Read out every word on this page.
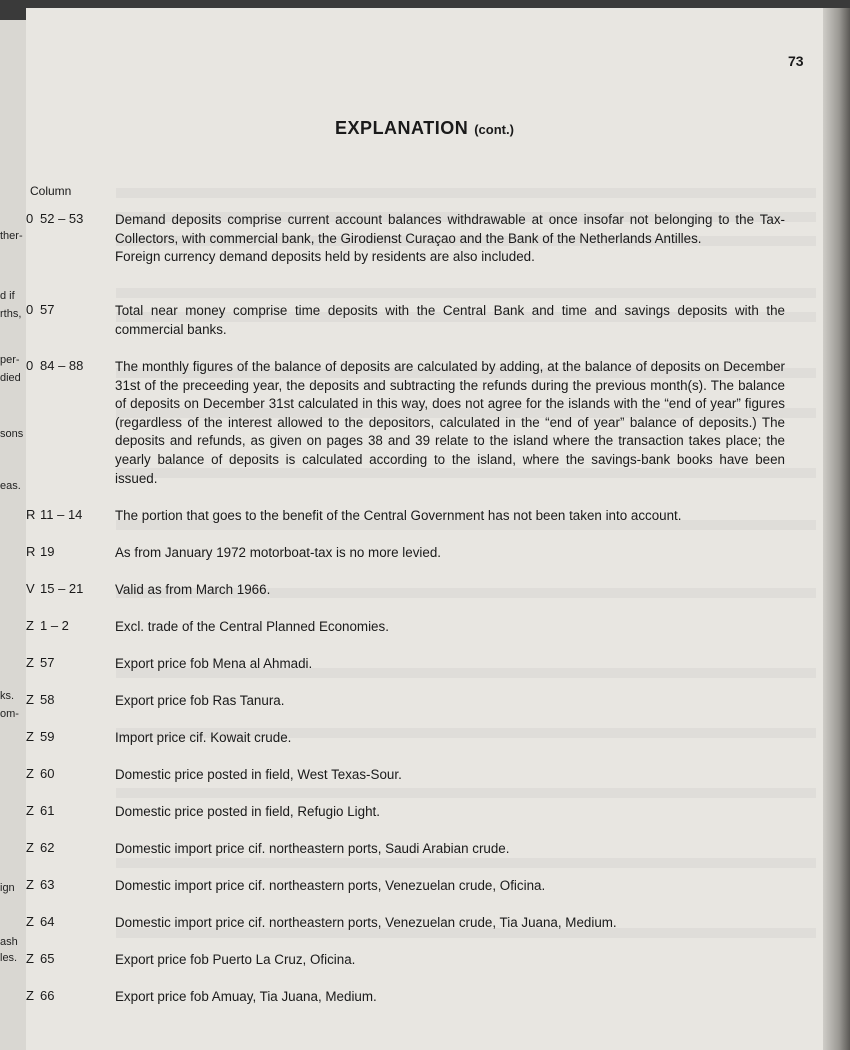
ther-
d if
rths,
per-
died
sons
eas.
ks.
om-
ign
ash
les.
73
EXPLANATION (cont.)
Column
0 52 – 53	Demand deposits comprise current account balances withdrawable at once insofar not belonging to the Tax-Collectors, with commercial bank, the Girodienst Curaçao and the Bank of the Netherlands Antilles.

Foreign currency demand deposits held by residents are also included.

0 57	Total near money comprise time deposits with the Central Bank and time and savings deposits with the commercial banks.

0 84 – 88	The monthly figures of the balance of deposits are calculated by adding, at the balance of deposits on December 31st of the preceeding year, the deposits and subtracting the refunds during the previous month(s). The balance of deposits on December 31st calculated in this way, does not agree for the islands with the “end of year” figures (regardless of the interest allowed to the depositors, calculated in the “end of year” balance of deposits.) The deposits and refunds, as given on pages 38 and 39 relate to the island where the transaction takes place; the yearly balance of deposits is calculated according to the island, where the savings-bank books have been issued.

R 11 – 14	The portion that goes to the benefit of the Central Government has not been taken into account.

R 19	As from January 1972 motorboat-tax is no more levied.

V 15 – 21	Valid as from March 1966.

Z 1 – 2	Excl. trade of the Central Planned Economies.

Z 57	Export price fob Mena al Ahmadi.

Z 58	Export price fob Ras Tanura.

Z 59	Import price cif. Kowait crude.

Z 60	Domestic price posted in field, West Texas-Sour.

Z 61	Domestic price posted in field, Refugio Light.

Z 62	Domestic import price cif. northeastern ports, Saudi Arabian crude.

Z 63	Domestic import price cif. northeastern ports, Venezuelan crude, Oficina.

Z 64	Domestic import price cif. northeastern ports, Venezuelan crude, Tia Juana, Medium.

Z 65	Export price fob Puerto La Cruz, Oficina.

Z 66	Export price fob Amuay, Tia Juana, Medium.
